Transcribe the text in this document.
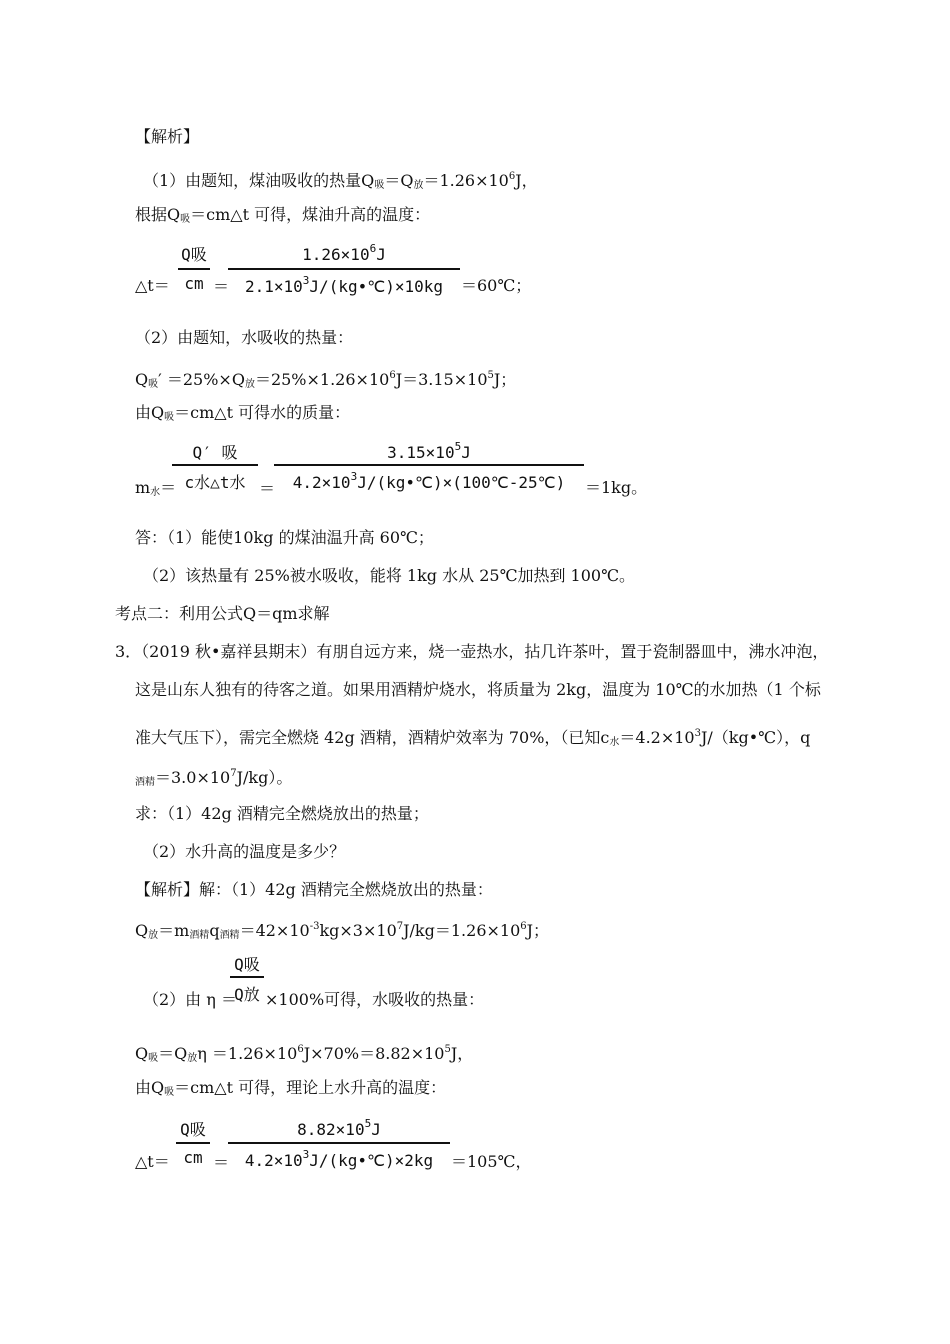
【解析】
（1）由题知，煤油吸收的热量$Q_吸=Q_放=1.26\times 10^6J$，
根据$Q_吸=cm\triangle t$ 可得，煤油升高的温度：
△t＝
Q吸
cm ＝
$1.26\times 10^6J$
$2.1\times 10^3J/(kg•℃)\times 10kg$	＝60℃；
（2）由题知，水吸收的热量：
$Q_吸' =25\%\times Q_放=25\%\times 1.26\times 10^6J=3.15\times 10^5J$；
由$Q_吸=cm\triangle t$ 可得水的质量：
$m_水=$
Q′ 吸
c水△t水 ＝
$3.15\times 10^5J$
$4.2\times 10^3J/(kg•℃)\times(100℃-25℃)$	＝1kg。
答：（1）能使10kg 的煤油温升高 60℃；
（2）该热量有 25%被水吸收，能将 1kg 水从 25℃加热到 100℃。
考点二：利用公式Q＝qm求解
3．（2019 秋•嘉祥县期末）有朋自远方来，烧一壶热水，拈几许茶叶，置于瓷制器皿中，沸水冲泡，
这是山东人独有的待客之道。如果用酒精炉烧水，将质量为 2kg，温度为 10℃的水加热（1 个标
准大气压下），需完全燃烧 42g 酒精，酒精炉效率为 70%，（已知$c_水=4.2\times 10^3J/(kg•℃)$，q
$_{酒精}=3.0\times 10^7J/kg$）。
求：（1）42g 酒精完全燃烧放出的热量；
（2）水升高的温度是多少？
【解析】解：（1）42g 酒精完全燃烧放出的热量：
$Q_放=m_{酒精}q_{酒精}=42\times 10^{-3}kg\times 3\times 10^7J/kg=1.26\times 10^6J$；
（2）由 η ＝
Q吸
Q放 ×100%可得，水吸收的热量：
$Q_吸=Q_放\eta =1.26\times 10^6J\times 70\%=8.82\times 10^5J$，
由$Q_吸=cm\triangle t$ 可得，理论上水升高的温度：
△t＝
Q吸
cm ＝
$8.82\times 10^5J$
$4.2\times 10^3J/(kg•℃)\times 2kg$	＝105℃，
